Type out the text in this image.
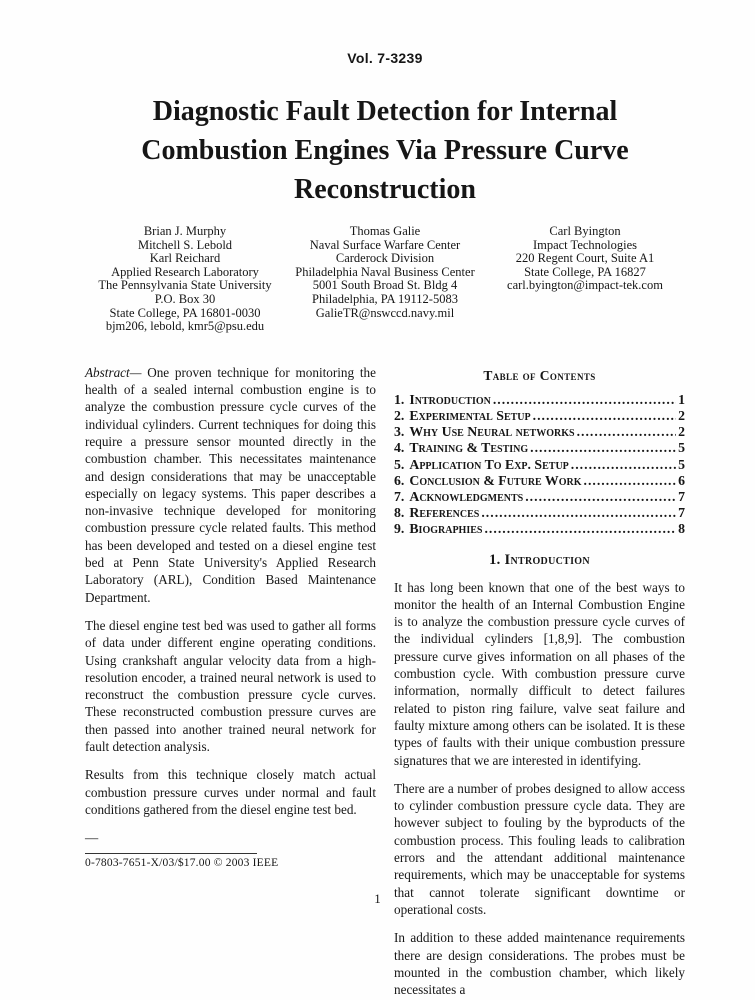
Vol. 7-3239
Diagnostic Fault Detection for Internal Combustion Engines Via Pressure Curve Reconstruction
Brian J. Murphy
Mitchell S. Lebold
Karl Reichard
Applied Research Laboratory
The Pennsylvania State University
P.O. Box 30
State College, PA 16801-0030
bjm206, lebold, kmr5@psu.edu
Thomas Galie
Naval Surface Warfare Center
Carderock Division
Philadelphia Naval Business Center
5001 South Broad St. Bldg 4
Philadelphia, PA 19112-5083
GalieTR@nswccd.navy.mil
Carl Byington
Impact Technologies
220 Regent Court, Suite A1
State College, PA 16827
carl.byington@impact-tek.com

Abstract— One proven technique for monitoring the health of a sealed internal combustion engine is to analyze the combustion pressure cycle curves of the individual cylinders. Current techniques for doing this require a pressure sensor mounted directly in the combustion chamber. This necessitates maintenance and design considerations that may be unacceptable especially on legacy systems. This paper describes a non-invasive technique developed for monitoring combustion pressure cycle related faults. This method has been developed and tested on a diesel engine test bed at Penn State University's Applied Research Laboratory (ARL), Condition Based Maintenance Department.

The diesel engine test bed was used to gather all forms of data under different engine operating conditions. Using crankshaft angular velocity data from a high-resolution encoder, a trained neural network is used to reconstruct the combustion pressure cycle curves. These reconstructed combustion pressure curves are then passed into another trained neural network for fault detection analysis.

Results from this technique closely match actual combustion pressure curves under normal and fault conditions gathered from the diesel engine test bed.

—
Table of Contents
1. Introduction .....	1
2. Experimental Setup .....	2
3. Why Use Neural networks .....	2
4. Training & Testing .....	5
5. Application To Exp. Setup .....	5
6. Conclusion & Future Work .....	6
7. Acknowledgments .....	7
8. References .....	7
9. Biographies .....	8
1. Introduction

It has long been known that one of the best ways to monitor the health of an Internal Combustion Engine is to analyze the combustion pressure cycle curves of the individual cylinders [1,8,9]. The combustion pressure curve gives information on all phases of the combustion cycle. With combustion pressure curve information, normally difficult to detect failures related to piston ring failure, valve seat failure and faulty mixture among others can be isolated. It is these types of faults with their unique combustion pressure signatures that we are interested in identifying.

There are a number of probes designed to allow access to cylinder combustion pressure cycle data. They are however subject to fouling by the byproducts of the combustion process. This fouling leads to calibration errors and the attendant additional maintenance requirements, which may be unacceptable for systems that cannot tolerate significant downtime or operational costs.

In addition to these added maintenance requirements there are design considerations. The probes must be mounted in the combustion chamber, which likely necessitates a

0-7803-7651-X/03/$17.00 © 2003 IEEE
1
